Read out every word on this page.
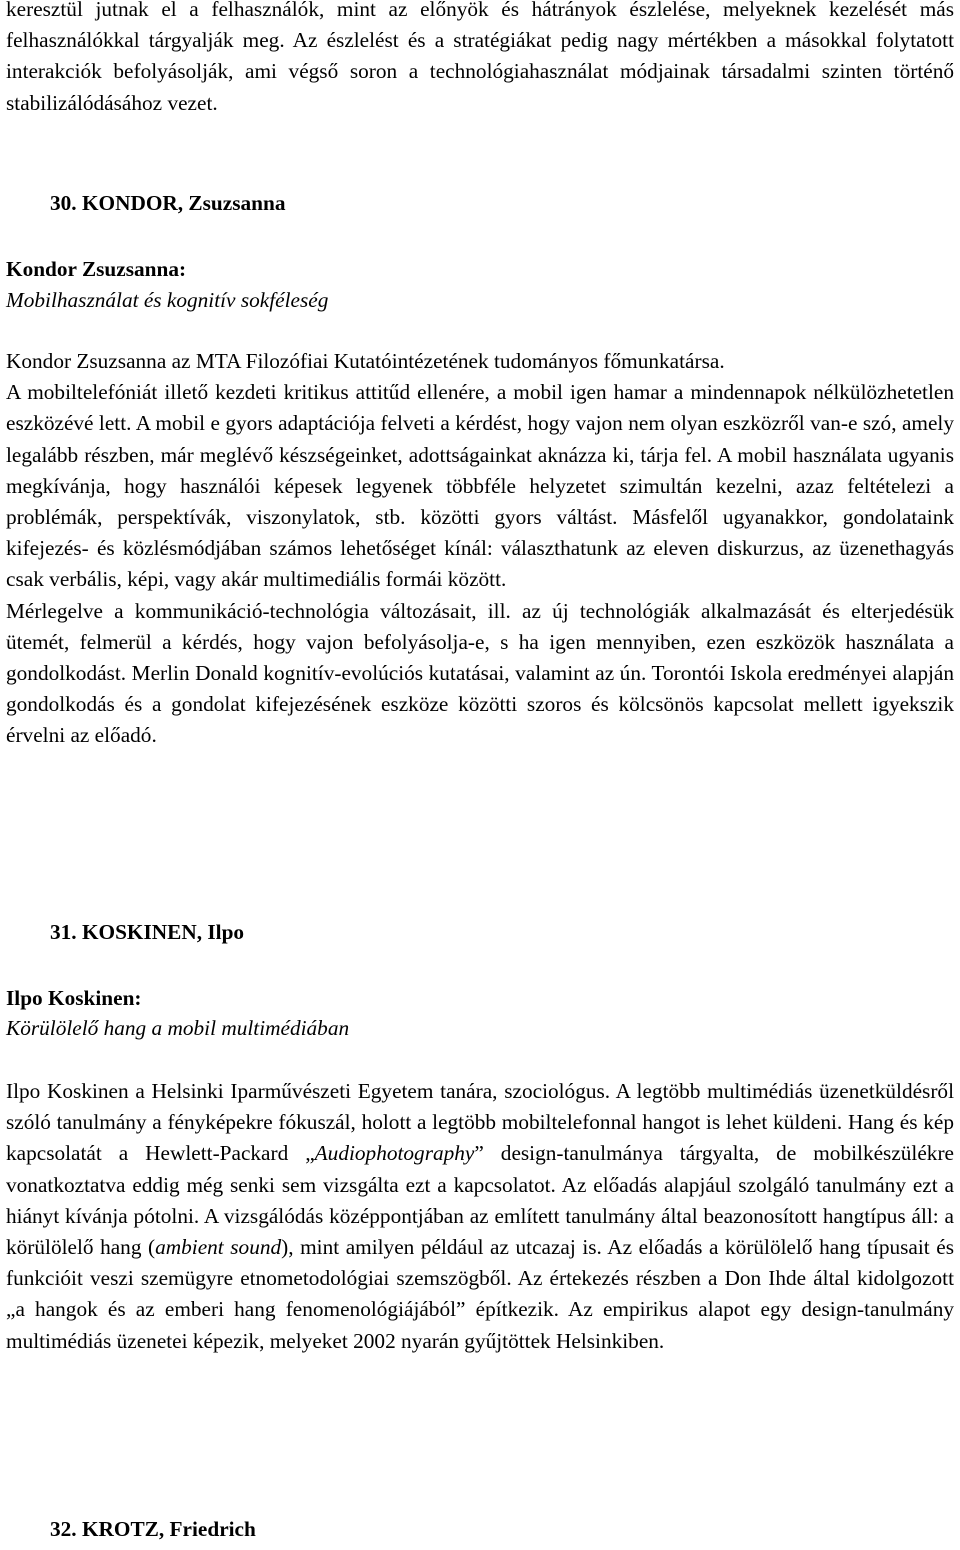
keresztül jutnak el a felhasználók, mint az előnyök és hátrányok észlelése, melyeknek kezelését más felhasználókkal tárgyalják meg. Az észlelést és a stratégiákat pedig nagy mértékben a másokkal folytatott interakciók befolyásolják, ami végső soron a technológiahasználat módjainak társadalmi szinten történő stabilizálódásához vezet.

30. KONDOR, Zsuzsanna
Kondor Zsuzsanna:
Mobilhasználat és kognitív sokféleség

Kondor Zsuzsanna az MTA Filozófiai Kutatóintézetének tudományos főmunkatársa.

A mobiltelefóniát illető kezdeti kritikus attitűd ellenére, a mobil igen hamar a mindennapok nélkülözhetetlen eszközévé lett. A mobil e gyors adaptációja felveti a kérdést, hogy vajon nem olyan eszközről van-e szó, amely legalább részben, már meglévő készségeinket, adottságainkat aknázza ki, tárja fel. A mobil használata ugyanis megkívánja, hogy használói képesek legyenek többféle helyzetet szimultán kezelni, azaz feltételezi a problémák, perspektívák, viszonylatok, stb. közötti gyors váltást. Másfelől ugyanakkor, gondolataink kifejezés- és közlésmódjában számos lehetőséget kínál: választhatunk az eleven diskurzus, az üzenethagyás csak verbális, képi, vagy akár multimediális formái között.

Mérlegelve a kommunikáció-technológia változásait, ill. az új technológiák alkalmazását és elterjedésük ütemét, felmerül a kérdés, hogy vajon befolyásolja-e, s ha igen mennyiben, ezen eszközök használata a gondolkodást. Merlin Donald kognitív-evolúciós kutatásai, valamint az ún. Torontói Iskola eredményei alapján gondolkodás és a gondolat kifejezésének eszköze közötti szoros és kölcsönös kapcsolat mellett igyekszik érvelni az előadó.

31. KOSKINEN, Ilpo
Ilpo Koskinen:
Körülölelő hang a mobil multimédiában

Ilpo Koskinen a Helsinki Iparművészeti Egyetem tanára, szociológus. A legtöbb multimédiás üzenetküldésről szóló tanulmány a fényképekre fókuszál, holott a legtöbb mobiltelefonnal hangot is lehet küldeni. Hang és kép kapcsolatát a Hewlett-Packard „Audiophotography” design-tanulmánya tárgyalta, de mobilkészülékre vonatkoztatva eddig még senki sem vizsgálta ezt a kapcsolatot. Az előadás alapjául szolgáló tanulmány ezt a hiányt kívánja pótolni. A vizsgálódás középpontjában az említett tanulmány által beazonosított hangtípus áll: a körülölelő hang (ambient sound), mint amilyen például az utcazaj is. Az előadás a körülölelő hang típusait és funkcióit veszi szemügyre etnometodológiai szemszögből. Az értekezés részben a Don Ihde által kidolgozott „a hangok és az emberi hang fenomenológiájából” építkezik. Az empirikus alapot egy design-tanulmány multimédiás üzenetei képezik, melyeket 2002 nyarán gyűjtöttek Helsinkiben.

32. KROTZ, Friedrich
